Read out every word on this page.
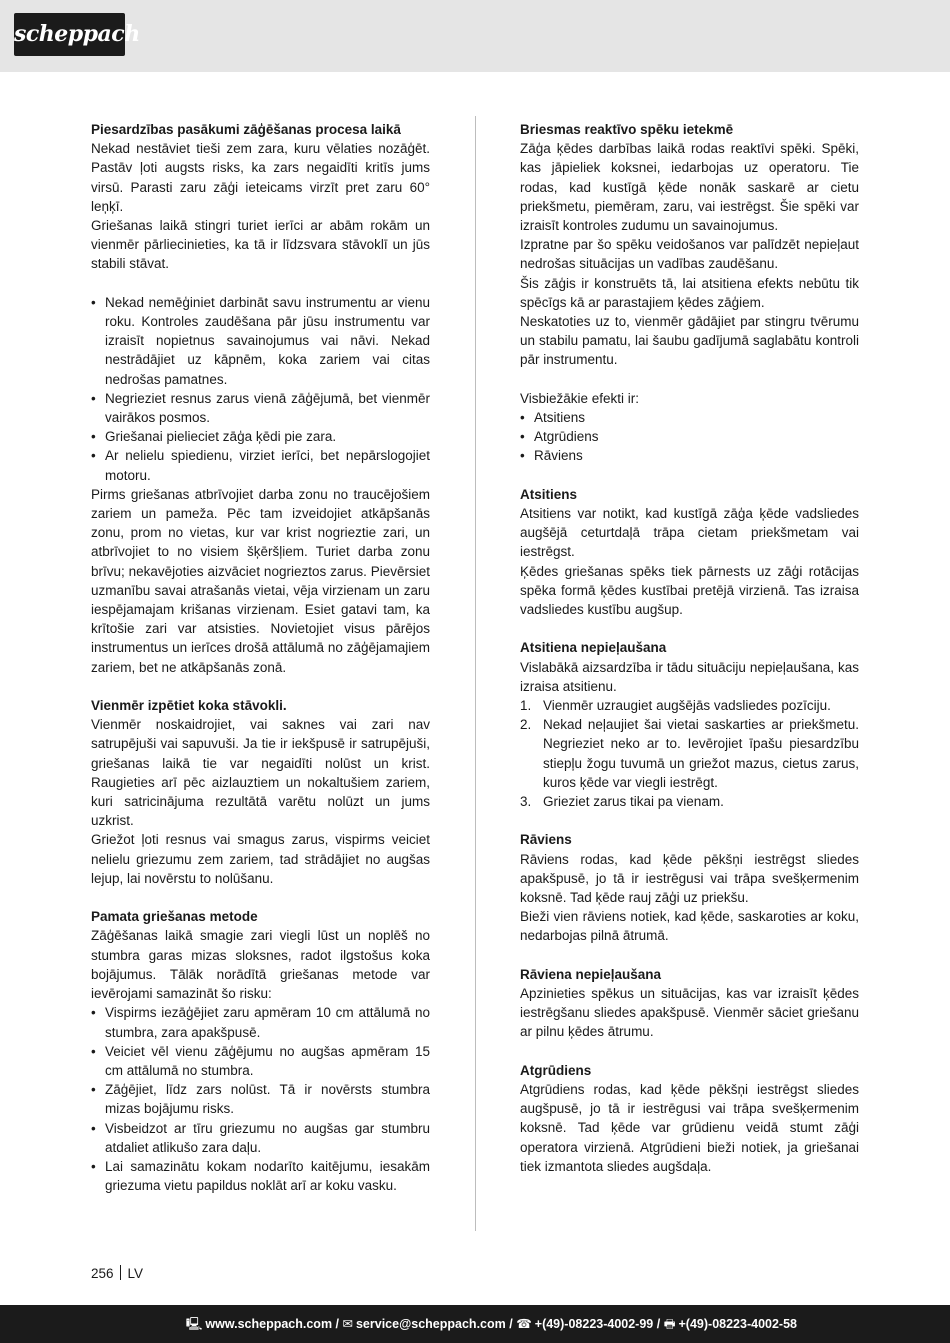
scheppach
Piesardzības pasākumi zāģēšanas procesa laikā

Nekad nestāviet tieši zem zara, kuru vēlaties nozāģēt. Pastāv ļoti augsts risks, ka zars negaidīti kritīs jums virsū. Parasti zaru zāģi ieteicams virzīt pret zaru 60° leņķī.

Griešanas laikā stingri turiet ierīci ar abām rokām un vienmēr pārliecinieties, ka tā ir līdzsvara stāvoklī un jūs stabili stāvat.

• Nekad nemēģiniet darbināt savu instrumentu ar vienu roku. Kontroles zaudēšana pār jūsu instrumentu var izraisīt nopietnus savainojumus vai nāvi. Nekad nestrādājiet uz kāpnēm, koka zariem vai citas nedrošas pamatnes.
• Negrieziet resnus zarus vienā zāģējumā, bet vienmēr vairākos posmos.
• Griešanai pielieciet zāģa ķēdi pie zara.
• Ar nelielu spiedienu, virziet ierīci, bet nepārslogojiet motoru.

Pirms griešanas atbrīvojiet darba zonu no traucējošiem zariem un pameža. Pēc tam izveidojiet atkāpšanās zonu, prom no vietas, kur var krist nogrieztie zari, un atbrīvojiet to no visiem šķēršļiem. Turiet darba zonu brīvu; nekavējoties aizvāciet nogrieztos zarus. Pievērsiet uzmanību savai atrašanās vietai, vēja virzienam un zaru iespējamajam krišanas virzienam. Esiet gatavi tam, ka krītošie zari var atsisties. Novietojiet visus pārējos instrumentus un ierīces drošā attālumā no zāģējamajiem zariem, bet ne atkāpšanās zonā.

Vienmēr izpētiet koka stāvokli.

Vienmēr noskaidrojiet, vai saknes vai zari nav satrupējuši vai sapuvuši. Ja tie ir iekšpusē ir satrupējuši, griešanas laikā tie var negaidīti nolūst un krist. Raugieties arī pēc aizlauztiem un nokaltušiem zariem, kuri satricinājuma rezultātā varētu nolūzt un jums uzkrist.

Griežot ļoti resnus vai smagus zarus, vispirms veiciet nelielu griezumu zem zariem, tad strādājiet no augšas lejup, lai novērstu to nolūšanu.

Pamata griešanas metode

Zāģēšanas laikā smagie zari viegli lūst un noplēš no stumbra garas mizas sloksnes, radot ilgstošus koka bojājumus. Tālāk norādītā griešanas metode var ievērojami samazināt šo risku:

• Vispirms iezāģējiet zaru apmēram 10 cm attālumā no stumbra, zara apakšpusē.
• Veiciet vēl vienu zāģējumu no augšas apmēram 15 cm attālumā no stumbra.
• Zāģējiet, līdz zars nolūst. Tā ir novērsts stumbra mizas bojājumu risks.
• Visbeidzot ar tīru griezumu no augšas gar stumbru atdaliet atlikušo zara daļu.
• Lai samazinātu kokam nodarīto kaitējumu, iesakām griezuma vietu papildus noklāt arī ar koku vasku.
Briesmas reaktīvo spēku ietekmē

Zāģa ķēdes darbības laikā rodas reaktīvi spēki. Spēki, kas jāpieliek koksnei, iedarbojas uz operatoru. Tie rodas, kad kustīgā ķēde nonāk saskarē ar cietu priekšmetu, piemēram, zaru, vai iestrēgst. Šie spēki var izraisīt kontroles zudumu un savainojumus.

Izpratne par šo spēku veidošanos var palīdzēt nepieļaut nedrošas situācijas un vadības zaudēšanu.

Šis zāģis ir konstruēts tā, lai atsitiena efekts nebūtu tik spēcīgs kā ar parastajiem ķēdes zāģiem.

Neskatoties uz to, vienmēr gādājiet par stingru tvērumu un stabilu pamatu, lai šaubu gadījumā saglabātu kontroli pār instrumentu.

Visbiežākie efekti ir:

• Atsitiens
• Atgrūdiens
• Rāviens
Atsitiens

Atsitiens var notikt, kad kustīgā zāģa ķēde vadsliedes augšējā ceturtdaļā trāpa cietam priekšmetam vai iestrēgst.

Ķēdes griešanas spēks tiek pārnests uz zāģi rotācijas spēka formā ķēdes kustībai pretējā virzienā. Tas izraisa vadsliedes kustību augšup.

Atsitiena nepieļaušana

Vislabākā aizsardzība ir tādu situāciju nepieļaušana, kas izraisa atsitienu.

1. Vienmēr uzraugiet augšējās vadsliedes pozīciju.
2. Nekad neļaujiet šai vietai saskarties ar priekšmetu. Negrieziet neko ar to. Ievērojiet īpašu piesardzību stiepļu žogu tuvumā un griežot mazus, cietus zarus, kuros ķēde var viegli iestrēgt.
3. Grieziet zarus tikai pa vienam.
Rāviens

Rāviens rodas, kad ķēde pēkšņi iestrēgst sliedes apakšpusē, jo tā ir iestrēgusi vai trāpa svešķermenim koksnē. Tad ķēde rauj zāģi uz priekšu.

Bieži vien rāviens notiek, kad ķēde, saskaroties ar koku, nedarbojas pilnā ātrumā.

Rāviena nepieļaušana

Apzinieties spēkus un situācijas, kas var izraisīt ķēdes iestrēgšanu sliedes apakšpusē. Vienmēr sāciet griešanu ar pilnu ķēdes ātrumu.

Atgrūdiens

Atgrūdiens rodas, kad ķēde pēkšņi iestrēgst sliedes augšpusē, jo tā ir iestrēgusi vai trāpa svešķermenim koksnē. Tad ķēde var grūdienu veidā stumt zāģi operatora virzienā. Atgrūdieni bieži notiek, ja griešanai tiek izmantota sliedes augšdaļa.

256 LV
🖳 www.scheppach.com / ✉ service@scheppach.com / ☎ +(49)-08223-4002-99 / 🖶 +(49)-08223-4002-58
